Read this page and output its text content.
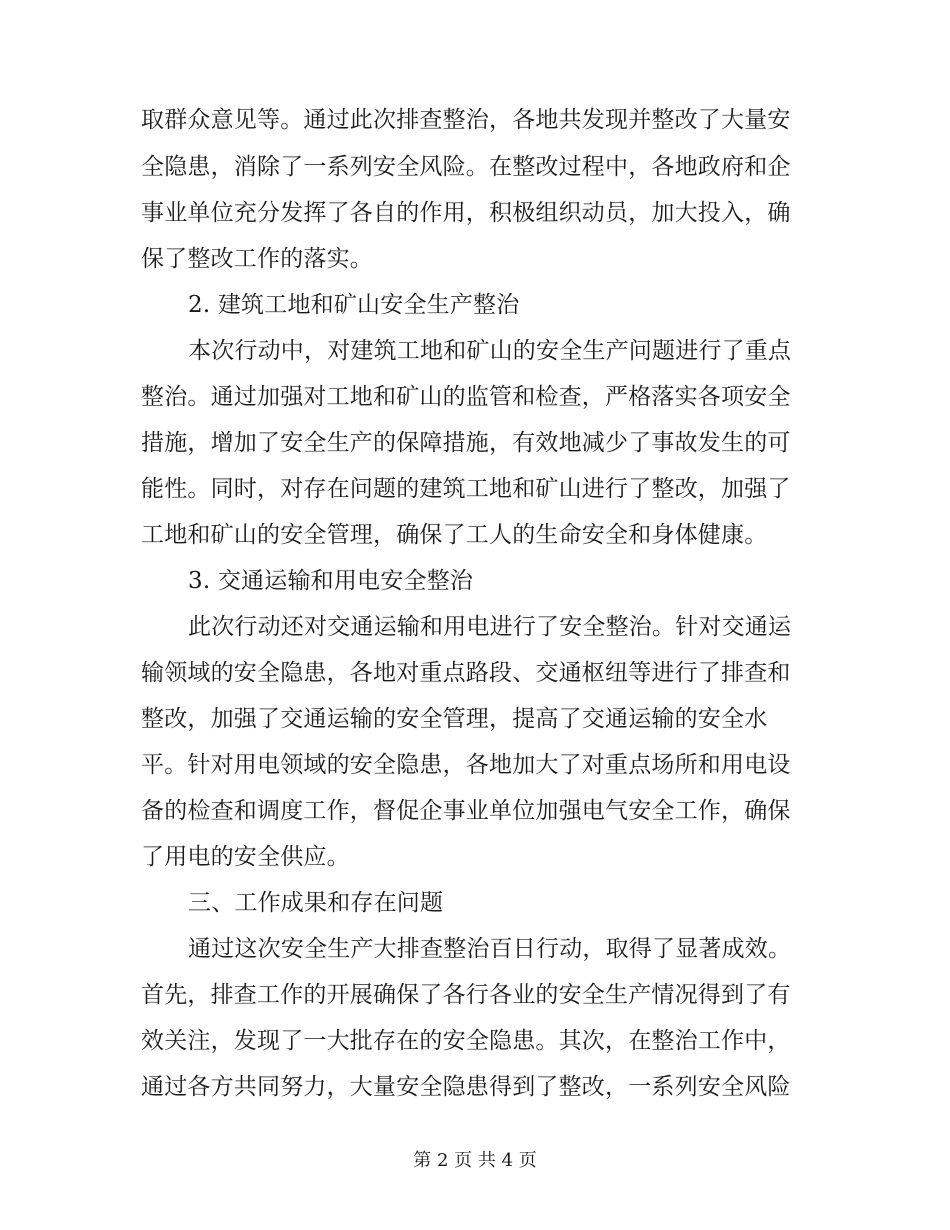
取群众意见等。通过此次排查整治，各地共发现并整改了大量安
全隐患，消除了一系列安全风险。在整改过程中，各地政府和企
事业单位充分发挥了各自的作用，积极组织动员，加大投入，确
保了整改工作的落实。
2. 建筑工地和矿山安全生产整治
本次行动中，对建筑工地和矿山的安全生产问题进行了重点
整治。通过加强对工地和矿山的监管和检查，严格落实各项安全
措施，增加了安全生产的保障措施，有效地减少了事故发生的可
能性。同时，对存在问题的建筑工地和矿山进行了整改，加强了
工地和矿山的安全管理，确保了工人的生命安全和身体健康。
3. 交通运输和用电安全整治
此次行动还对交通运输和用电进行了安全整治。针对交通运
输领域的安全隐患，各地对重点路段、交通枢纽等进行了排查和
整改，加强了交通运输的安全管理，提高了交通运输的安全水
平。针对用电领域的安全隐患，各地加大了对重点场所和用电设
备的检查和调度工作，督促企事业单位加强电气安全工作，确保
了用电的安全供应。
三、工作成果和存在问题
通过这次安全生产大排查整治百日行动，取得了显著成效。
首先，排查工作的开展确保了各行各业的安全生产情况得到了有
效关注，发现了一大批存在的安全隐患。其次，在整治工作中，
通过各方共同努力，大量安全隐患得到了整改，一系列安全风险
第 2 页 共 4 页
